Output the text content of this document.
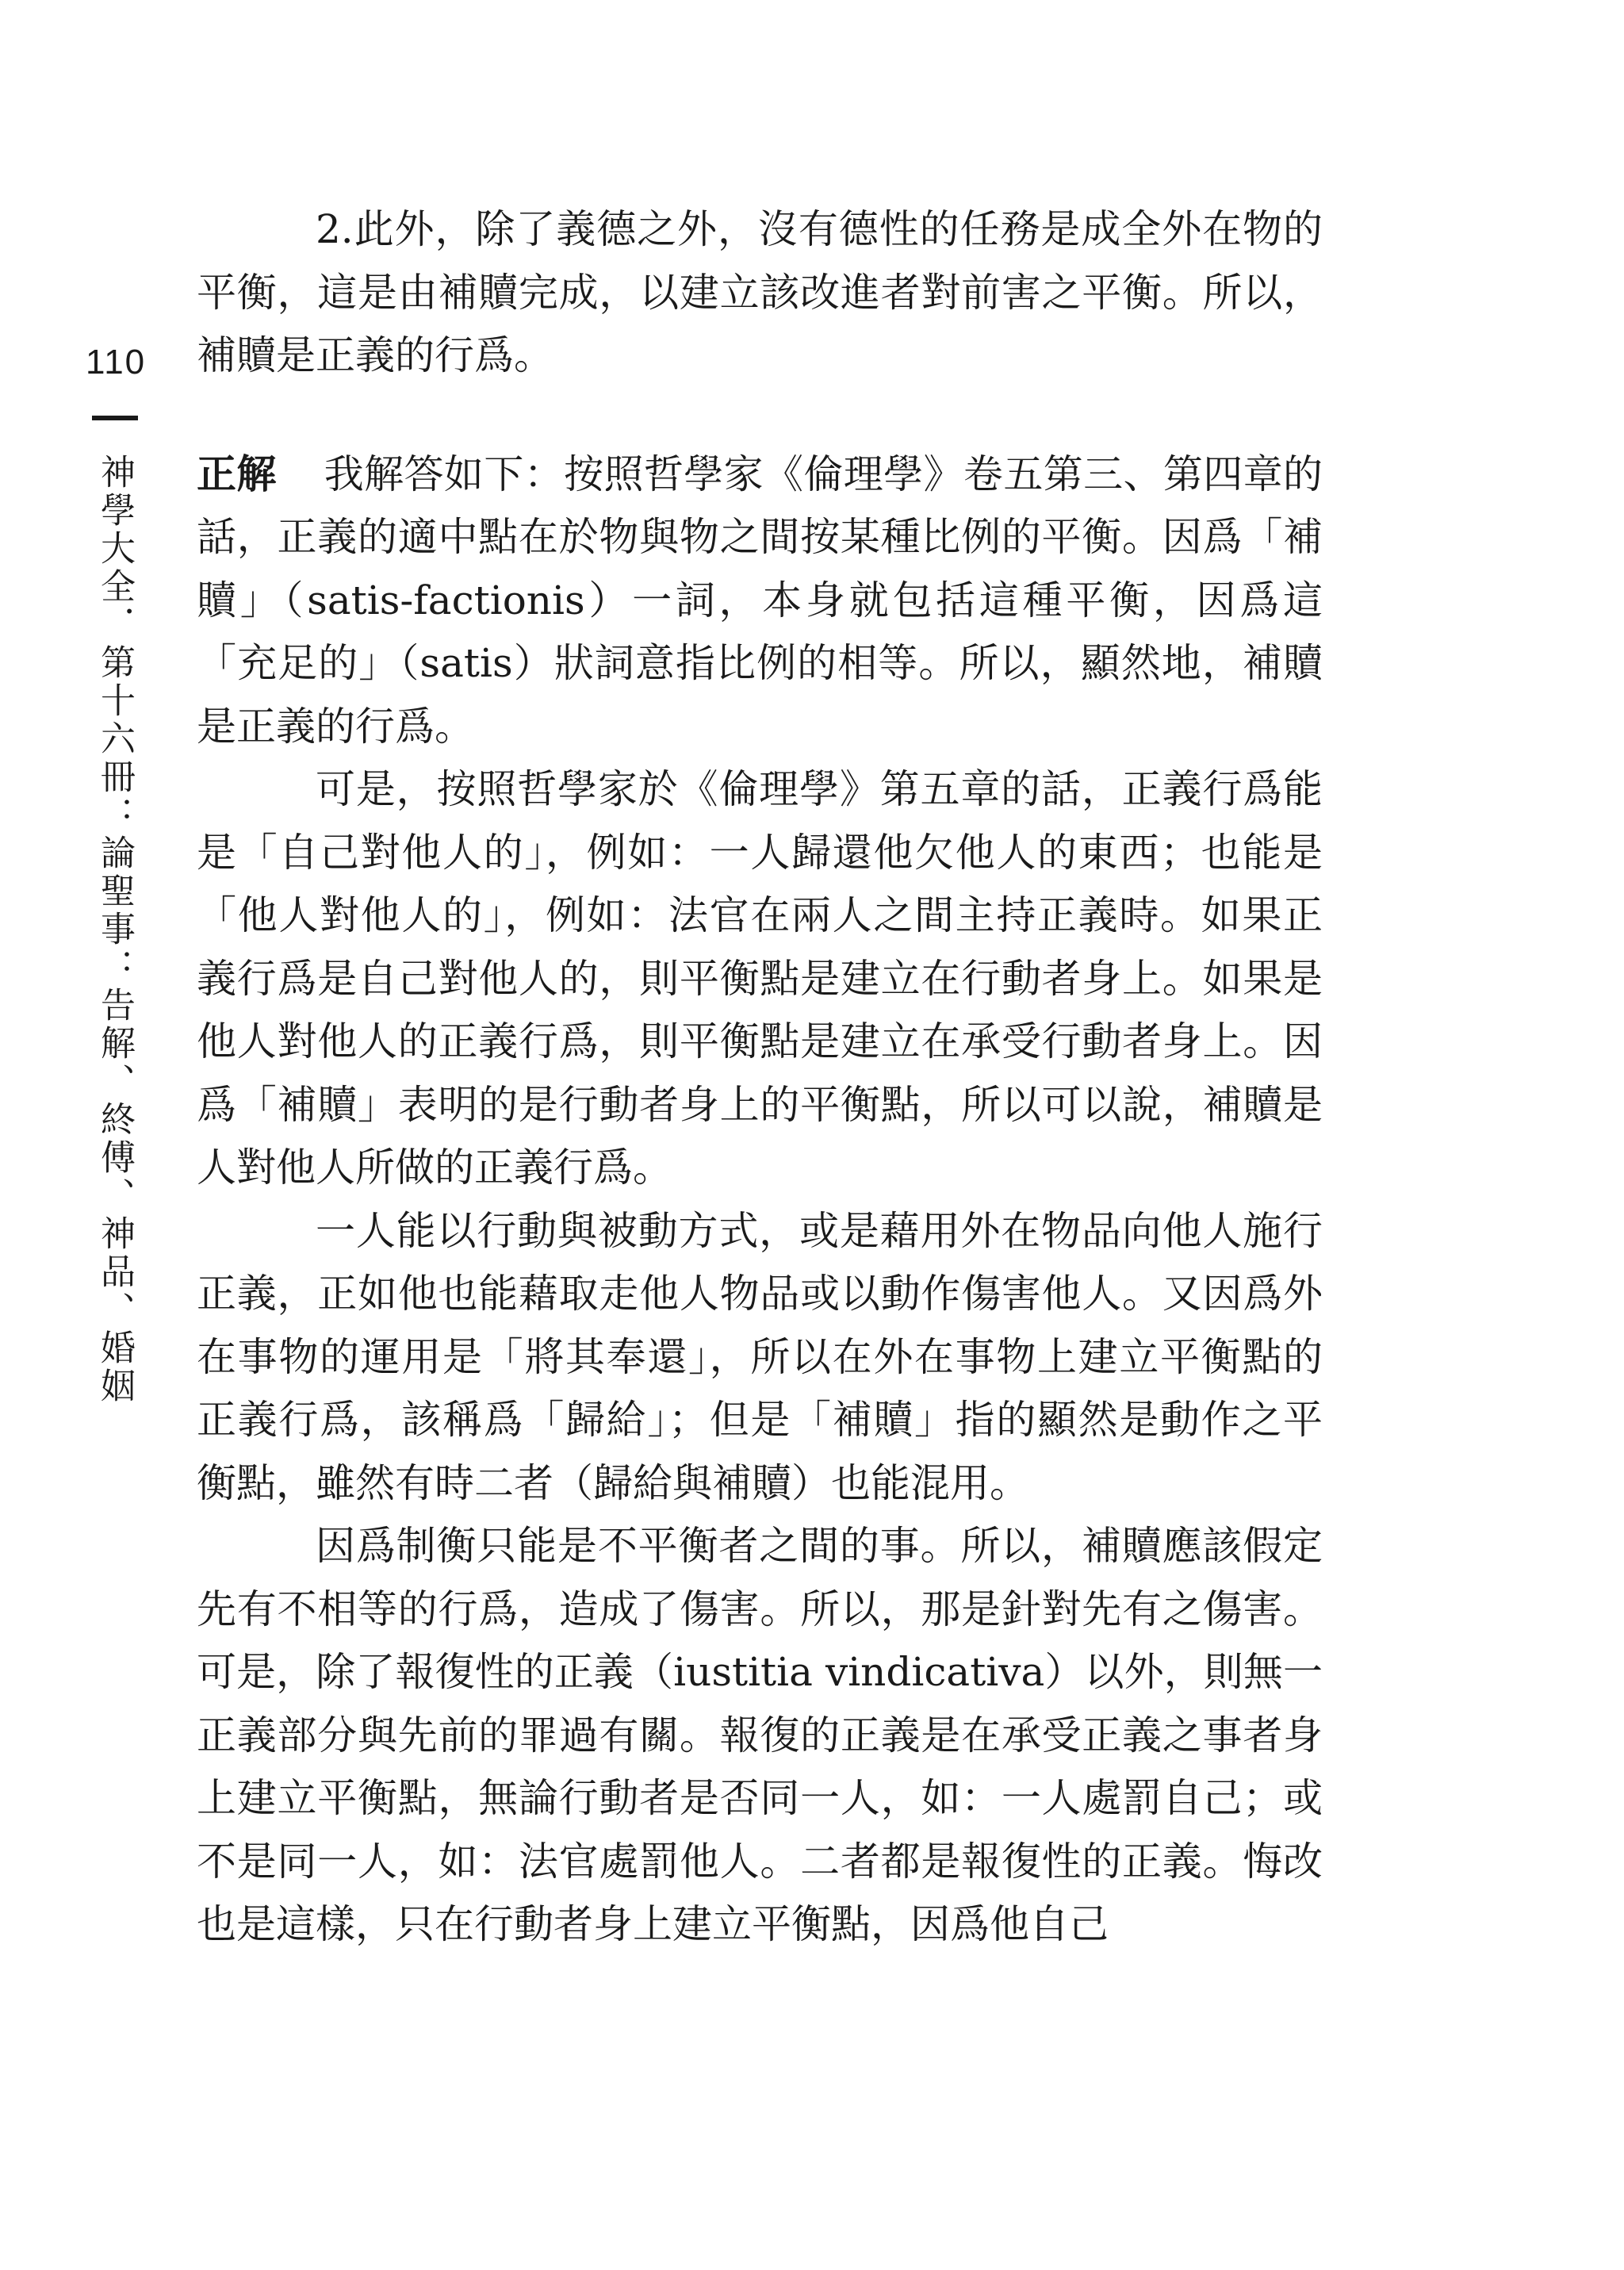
110
神學大全．第十六冊：論聖事：告解、終傅、神品、婚姻

2.此外，除了義德之外，沒有德性的任務是成全外在物的平衡，這是由補贖完成，以建立該改進者對前害之平衡。所以，補贖是正義的行爲。

正解 我解答如下：按照哲學家《倫理學》卷五第三、第四章的話，正義的適中點在於物與物之間按某種比例的平衡。因爲「補贖」（satis-factionis）一詞，本身就包括這種平衡，因爲這「充足的」（satis）狀詞意指比例的相等。所以，顯然地，補贖是正義的行爲。

可是，按照哲學家於《倫理學》第五章的話，正義行爲能是「自己對他人的」，例如：一人歸還他欠他人的東西；也能是「他人對他人的」，例如：法官在兩人之間主持正義時。如果正義行爲是自己對他人的，則平衡點是建立在行動者身上。如果是他人對他人的正義行爲，則平衡點是建立在承受行動者身上。因爲「補贖」表明的是行動者身上的平衡點，所以可以說，補贖是人對他人所做的正義行爲。

一人能以行動與被動方式，或是藉用外在物品向他人施行正義，正如他也能藉取走他人物品或以動作傷害他人。又因爲外在事物的運用是「將其奉還」，所以在外在事物上建立平衡點的正義行爲，該稱爲「歸給」；但是「補贖」指的顯然是動作之平衡點，雖然有時二者（歸給與補贖）也能混用。

因爲制衡只能是不平衡者之間的事。所以，補贖應該假定先有不相等的行爲，造成了傷害。所以，那是針對先有之傷害。可是，除了報復性的正義（iustitia vindicativa）以外，則無一正義部分與先前的罪過有關。報復的正義是在承受正義之事者身上建立平衡點，無論行動者是否同一人，如：一人處罰自己；或不是同一人，如：法官處罰他人。二者都是報復性的正義。悔改也是這樣，只在行動者身上建立平衡點，因爲他自己
